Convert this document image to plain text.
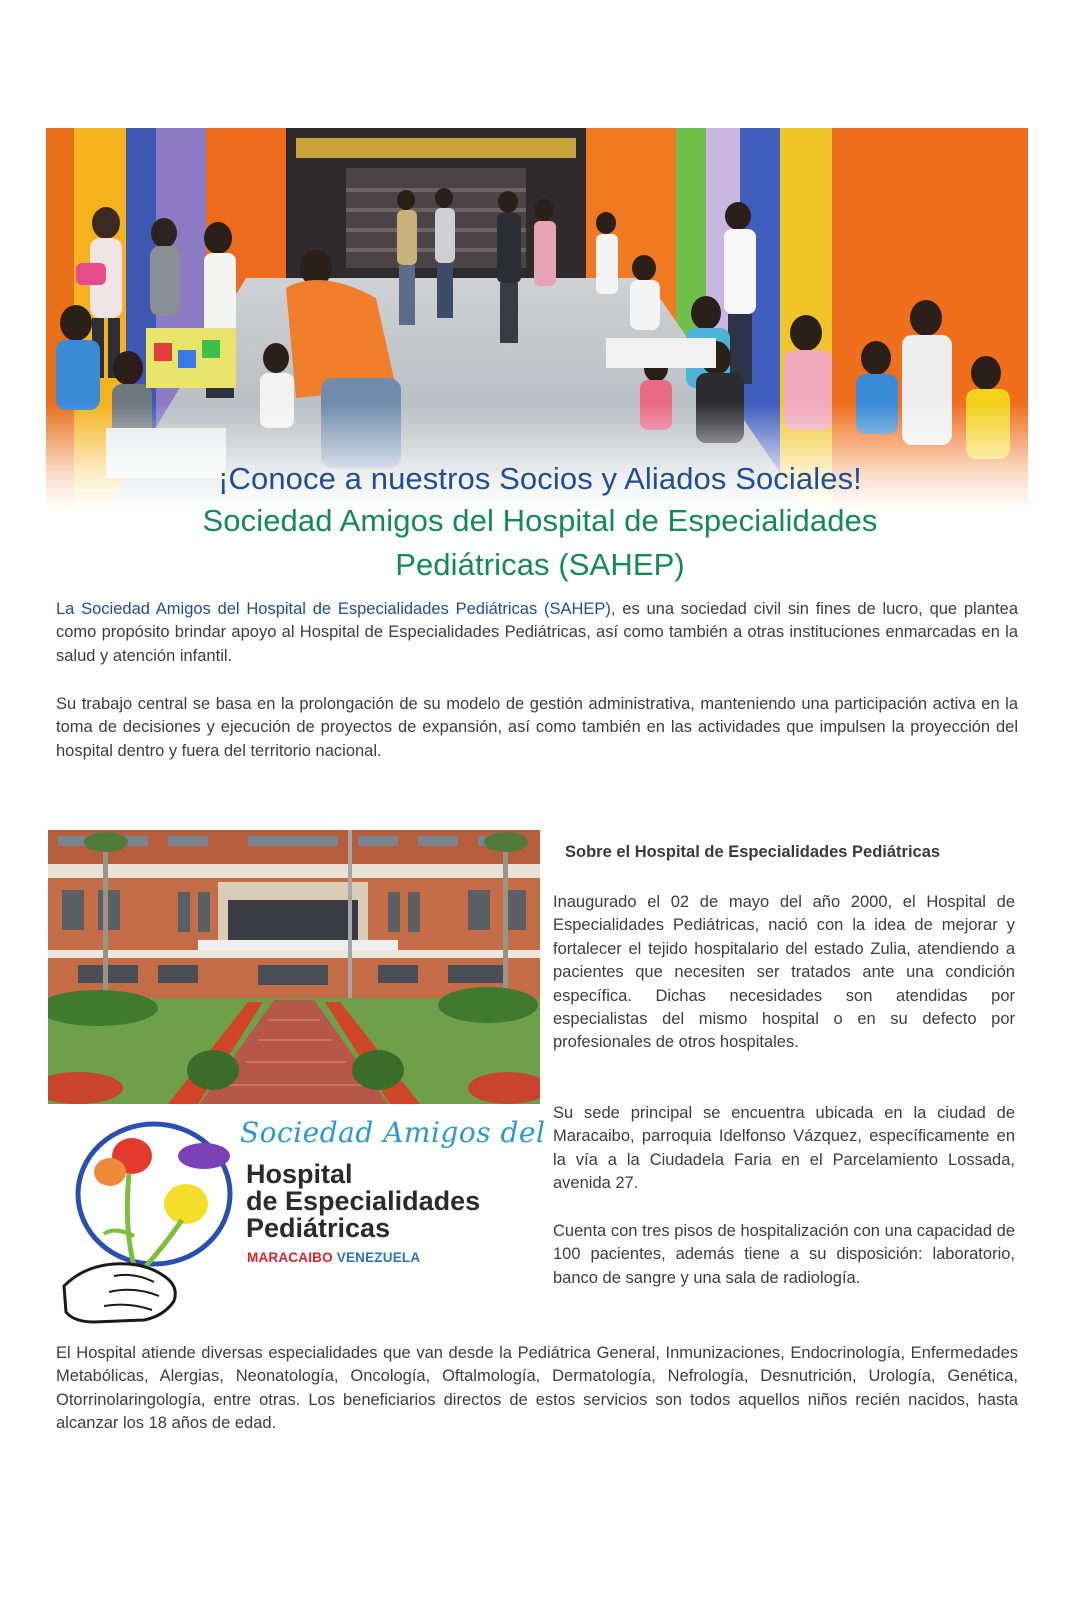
¡Conoce a nuestros Socios y Aliados Sociales!
Sociedad Amigos del Hospital de Especialidades
Pediátricas (SAHEP)

La Sociedad Amigos del Hospital de Especialidades Pediátricas (SAHEP), es una sociedad civil sin fines de lucro, que plantea como propósito brindar apoyo al Hospital de Especialidades Pediátricas, así como también a otras instituciones enmarcadas en la salud y atención infantil.

Su trabajo central se basa en la prolongación de su modelo de gestión administrativa, manteniendo una participación activa en la toma de decisiones y ejecución de proyectos de expansión, así como también en las actividades que impulsen la proyección del hospital dentro y fuera del territorio nacional.

Sobre el Hospital de Especialidades Pediátricas

Inaugurado el 02 de mayo del año 2000, el Hospital de Especialidades Pediátricas, nació con la idea de mejorar y fortalecer el tejido hospitalario del estado Zulia, atendiendo a pacientes que necesiten ser tratados ante una condición específica. Dichas necesidades son atendidas por especialistas del mismo hospital o en su defecto por profesionales de otros hospitales.

Su sede principal se encuentra ubicada en la ciudad de Maracaibo, parroquia Idelfonso Vázquez, específicamente en la vía a la Ciudadela Faria en el Parcelamiento Lossada, avenida 27.

Cuenta con tres pisos de hospitalización con una capacidad de 100 pacientes, además tiene a su disposición: laboratorio, banco de sangre y una sala de radiología.

Sociedad Amigos del

Hospital

de Especialidades

Pediátricas

MARACAIBO VENEZUELA

El Hospital atiende diversas especialidades que van desde la Pediátrica General, Inmunizaciones, Endocrinología, Enfermedades Metabólicas, Alergias, Neonatología, Oncología, Oftalmología, Dermatología, Nefrología, Desnutrición, Urología, Genética, Otorrinolaringología, entre otras. Los beneficiarios directos de estos servicios son todos aquellos niños recién nacidos, hasta alcanzar los 18 años de edad.
